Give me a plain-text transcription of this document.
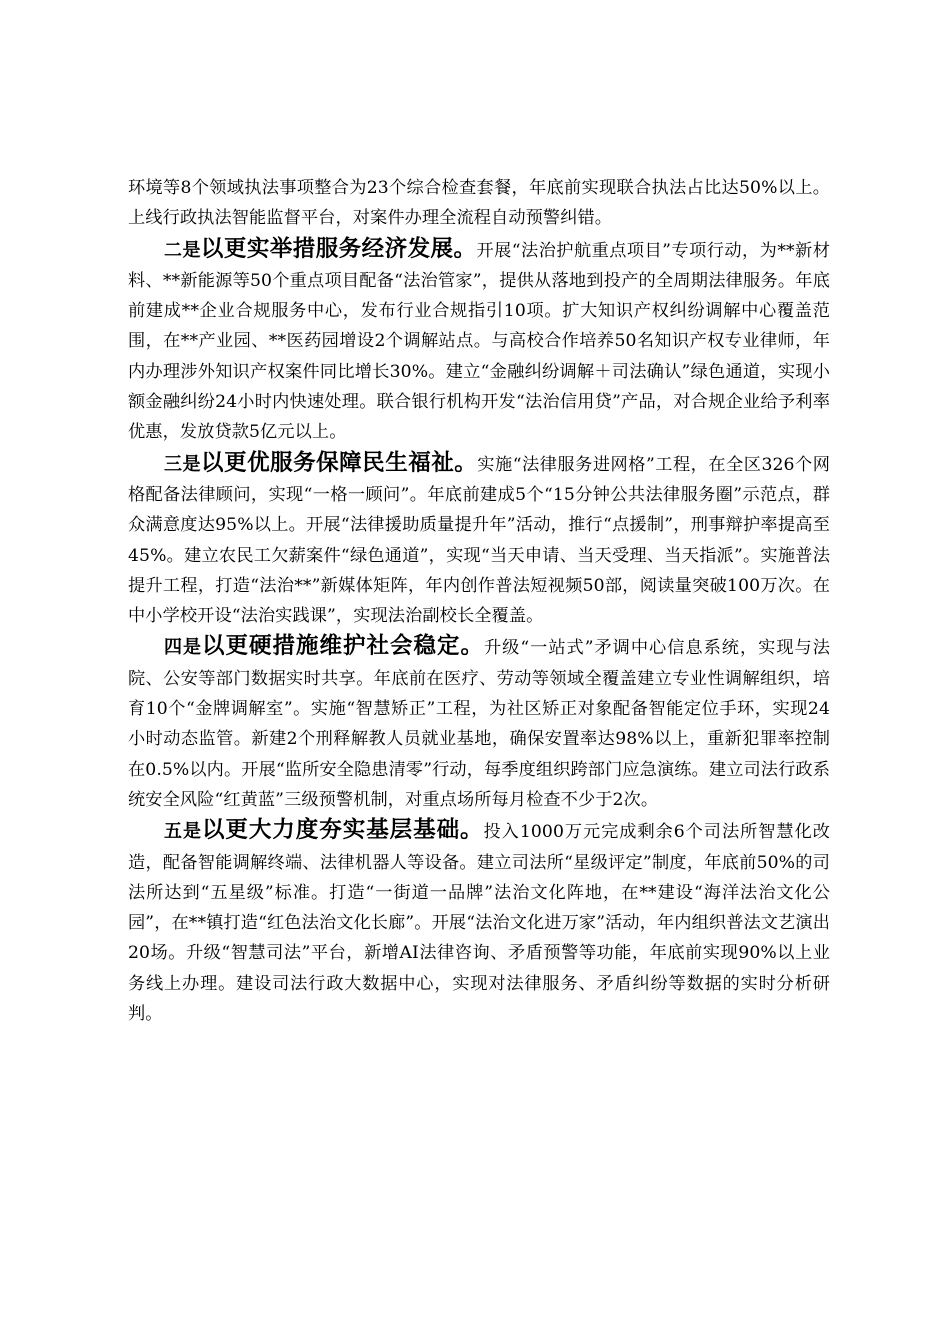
环境等8个领域执法事项整合为23个综合检查套餐，年底前实现联合执法占比达50%以上。上线行政执法智能监督平台，对案件办理全流程自动预警纠错。

二是以更实举措服务经济发展。开展“法治护航重点项目”专项行动，为**新材料、**新能源等50个重点项目配备“法治管家”，提供从落地到投产的全周期法律服务。年底前建成**企业合规服务中心，发布行业合规指引10项。扩大知识产权纠纷调解中心覆盖范围，在**产业园、**医药园增设2个调解站点。与高校合作培养50名知识产权专业律师，年内办理涉外知识产权案件同比增长30%。建立“金融纠纷调解＋司法确认”绿色通道，实现小额金融纠纷24小时内快速处理。联合银行机构开发“法治信用贷”产品，对合规企业给予利率优惠，发放贷款5亿元以上。

三是以更优服务保障民生福祉。实施“法律服务进网格”工程，在全区326个网格配备法律顾问，实现“一格一顾问”。年底前建成5个“15分钟公共法律服务圈”示范点，群众满意度达95%以上。开展“法律援助质量提升年”活动，推行“点援制”，刑事辩护率提高至45%。建立农民工欠薪案件“绿色通道”，实现“当天申请、当天受理、当天指派”。实施普法提升工程，打造“法治**”新媒体矩阵，年内创作普法短视频50部，阅读量突破100万次。在中小学校开设“法治实践课”，实现法治副校长全覆盖。

四是以更硬措施维护社会稳定。升级“一站式”矛调中心信息系统，实现与法院、公安等部门数据实时共享。年底前在医疗、劳动等领域全覆盖建立专业性调解组织，培育10个“金牌调解室”。实施“智慧矫正”工程，为社区矫正对象配备智能定位手环，实现24小时动态监管。新建2个刑释解教人员就业基地，确保安置率达98%以上，重新犯罪率控制在0.5%以内。开展“监所安全隐患清零”行动，每季度组织跨部门应急演练。建立司法行政系统安全风险“红黄蓝”三级预警机制，对重点场所每月检查不少于2次。

五是以更大力度夯实基层基础。投入1000万元完成剩余6个司法所智慧化改造，配备智能调解终端、法律机器人等设备。建立司法所“星级评定”制度，年底前50%的司法所达到“五星级”标准。打造“一街道一品牌”法治文化阵地，在**建设“海洋法治文化公园”，在**镇打造“红色法治文化长廊”。开展“法治文化进万家”活动，年内组织普法文艺演出20场。升级“智慧司法”平台，新增AI法律咨询、矛盾预警等功能，年底前实现90%以上业务线上办理。建设司法行政大数据中心，实现对法律服务、矛盾纠纷等数据的实时分析研判。
